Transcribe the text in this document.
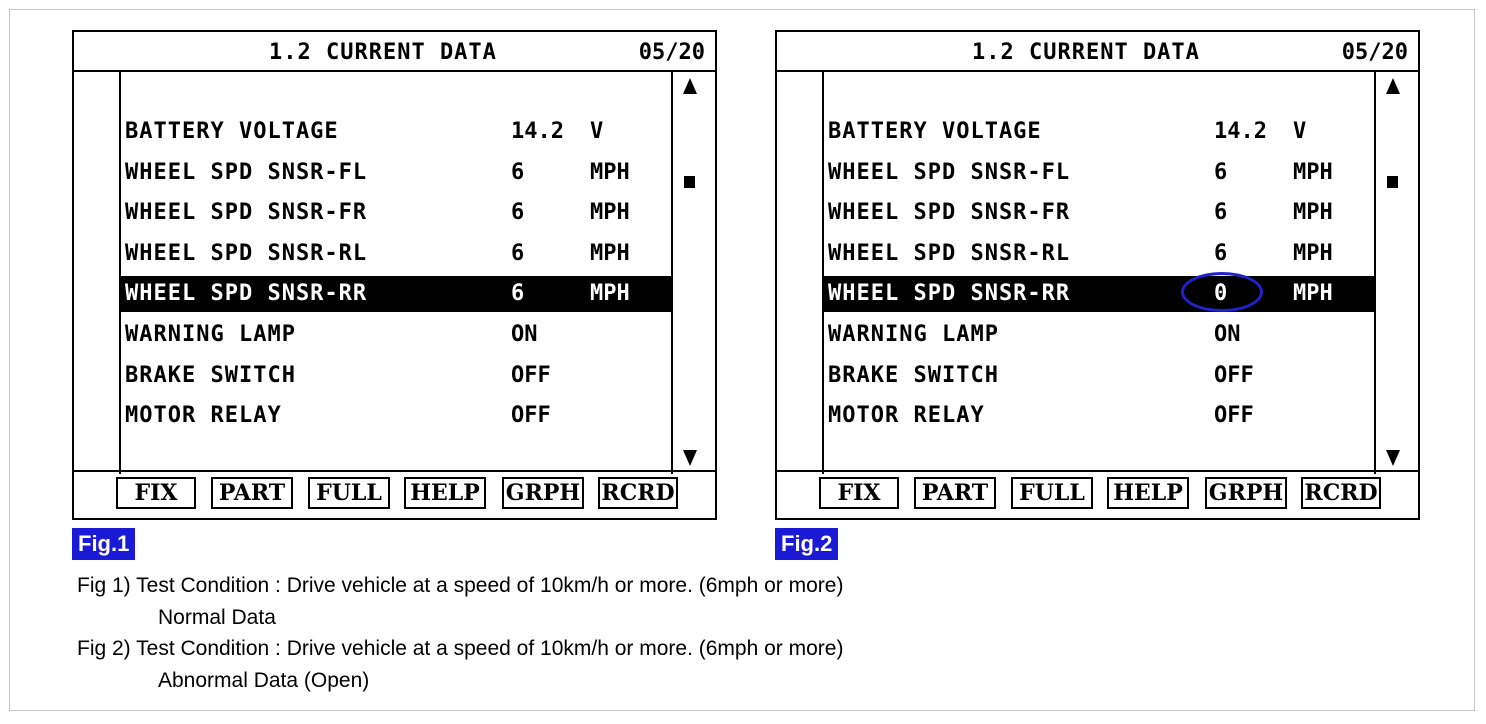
1.2 CURRENT DATA	05/20
BATTERY VOLTAGE	14.2 V
WHEEL SPD SNSR-FL	6	MPH
WHEEL SPD SNSR-FR	6	MPH
WHEEL SPD SNSR-RL	6	MPH
WHEEL SPD SNSR-RR	6	MPH
WARNING LAMP	ON
BRAKE SWITCH	OFF
MOTOR RELAY	OFF
FIX	PART	FULL	HELP GRPH RCRD
Fig.1
1.2 CURRENT DATA	05/20
BATTERY VOLTAGE	14.2 V
WHEEL SPD SNSR-FL	6	MPH
WHEEL SPD SNSR-FR	6	MPH
WHEEL SPD SNSR-RL	6	MPH
WHEEL SPD SNSR-RR	0	MPH
WARNING LAMP	ON
BRAKE SWITCH	OFF
MOTOR RELAY	OFF
FIX	PART	FULL	HELP GRPH RCRD
Fig.2
Fig 1) Test Condition : Drive vehicle at a speed of 10km/h or more. (6mph or more)
Normal Data
Fig 2) Test Condition : Drive vehicle at a speed of 10km/h or more. (6mph or more)
Abnormal Data (Open)
